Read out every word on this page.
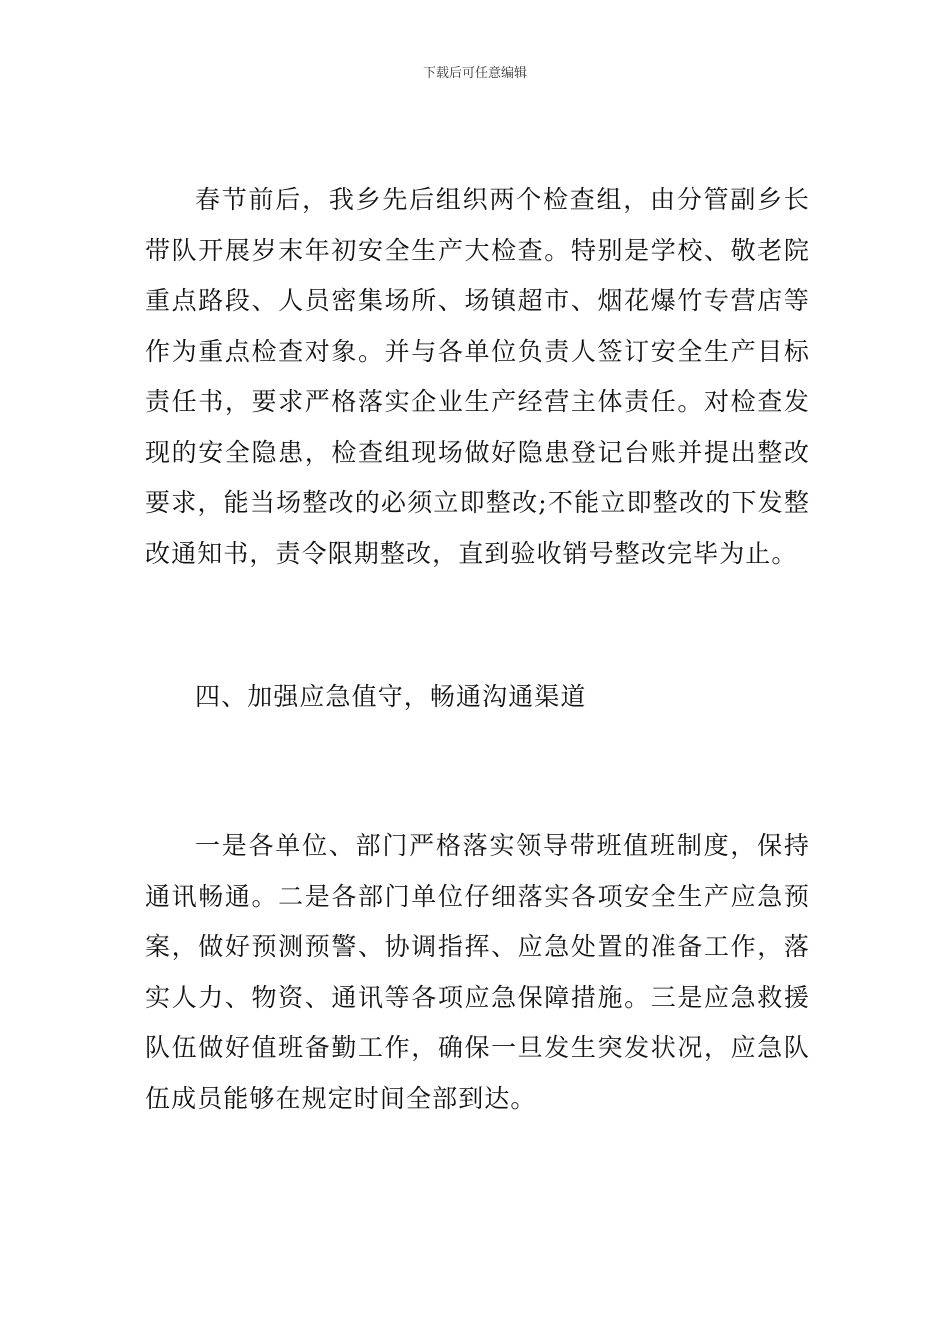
下载后可任意编辑

春节前后，我乡先后组织两个检查组，由分管副乡长带队开展岁末年初安全生产大检查。特别是学校、敬老院重点路段、人员密集场所、场镇超市、烟花爆竹专营店等作为重点检查对象。并与各单位负责人签订安全生产目标责任书，要求严格落实企业生产经营主体责任。对检查发现的安全隐患，检查组现场做好隐患登记台账并提出整改要求，能当场整改的必须立即整改;不能立即整改的下发整改通知书，责令限期整改，直到验收销号整改完毕为止。

四、加强应急值守，畅通沟通渠道

一是各单位、部门严格落实领导带班值班制度，保持通讯畅通。二是各部门单位仔细落实各项安全生产应急预案，做好预测预警、协调指挥、应急处置的准备工作，落实人力、物资、通讯等各项应急保障措施。三是应急救援队伍做好值班备勤工作，确保一旦发生突发状况，应急队伍成员能够在规定时间全部到达。
